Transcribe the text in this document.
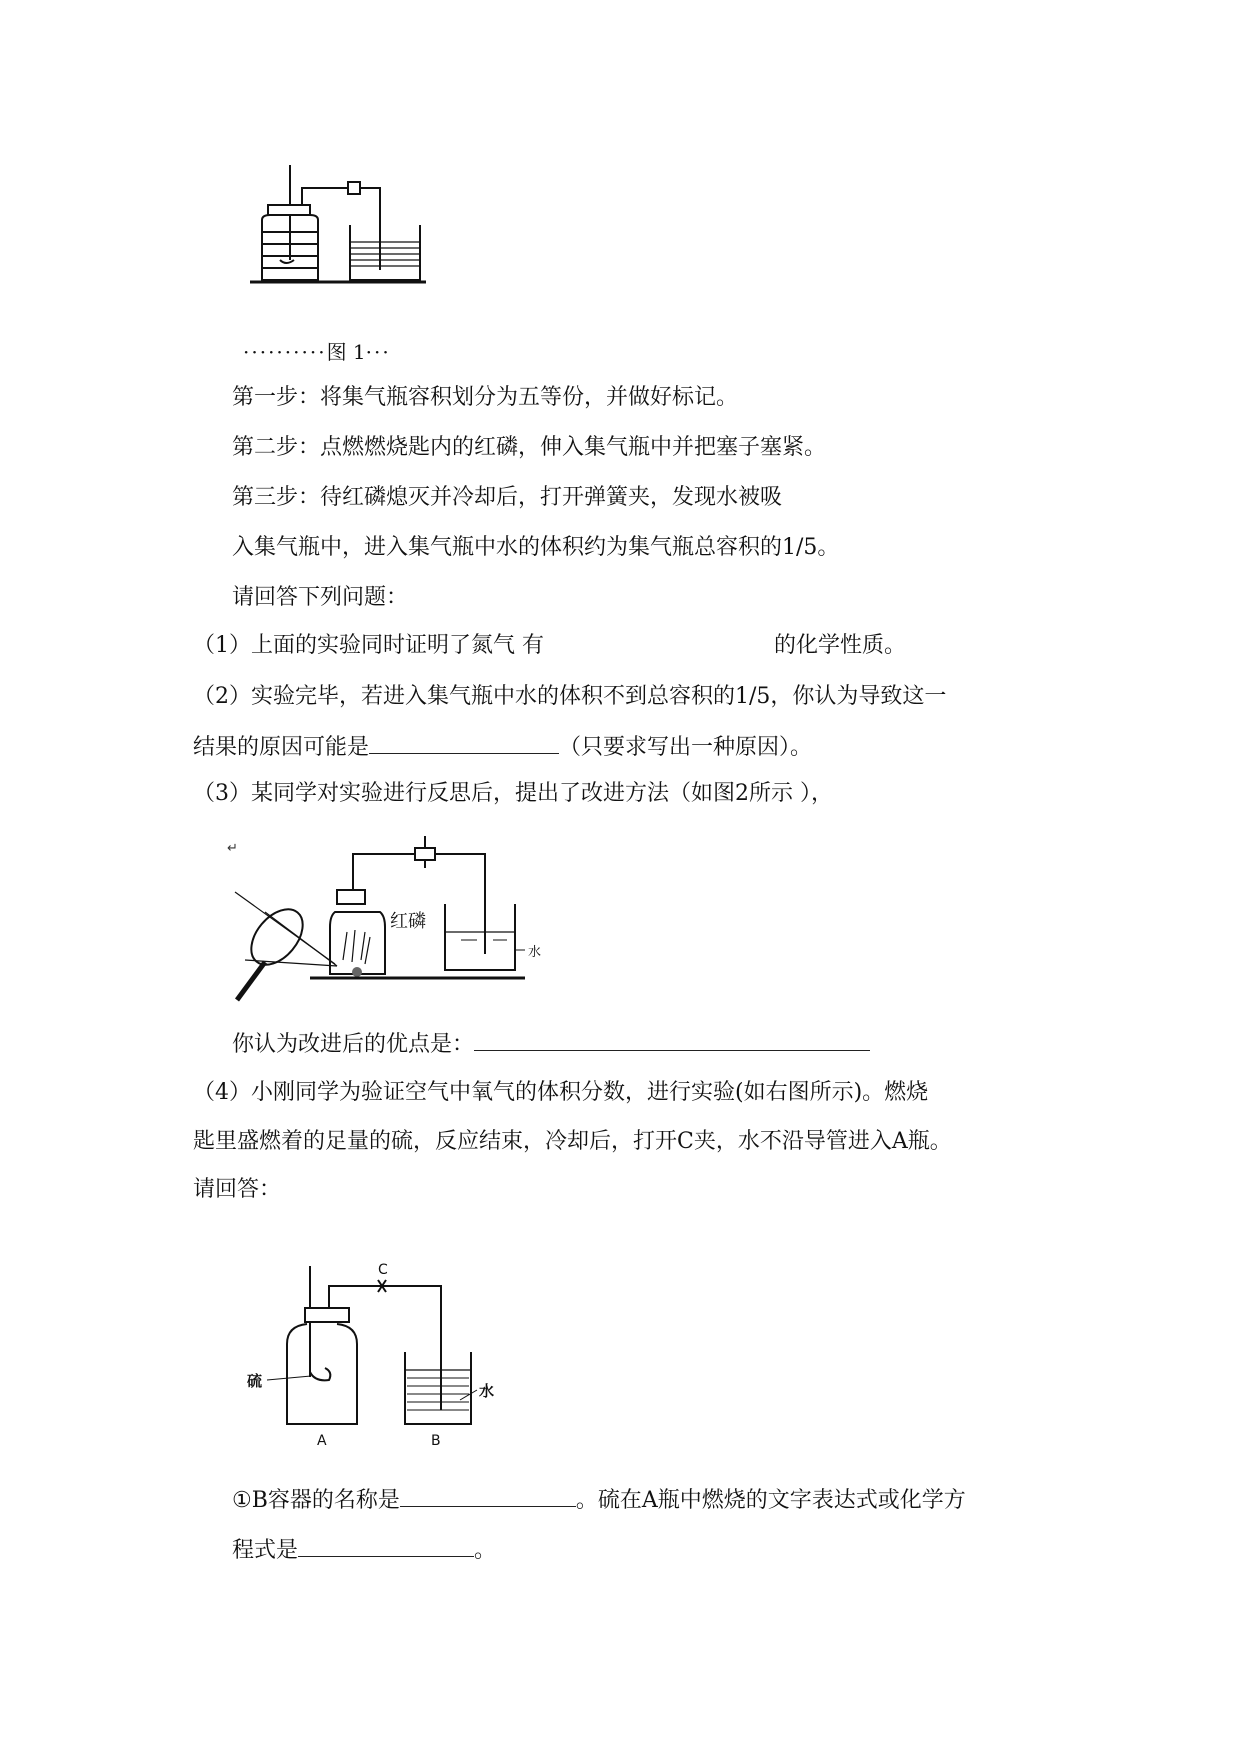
··········图 1···
第一步：将集气瓶容积划分为五等份，并做好标记。
第二步：点燃燃烧匙内的红磷，伸入集气瓶中并把塞子塞紧。
第三步：待红磷熄灭并冷却后，打开弹簧夹，发现水被吸
入集气瓶中，进入集气瓶中水的体积约为集气瓶总容积的1/5。
请回答下列问题：
（1）上面的实验同时证明了氮气 有	的化学性质。
（2）实验完毕，若进入集气瓶中水的体积不到总容积的1/5，你认为导致这一
结果的原因可能是	（只要求写出一种原因）。
（3）某同学对实验进行反思后，提出了改进方法（如图2所示 ），
↵
红磷
水
你认为改进后的优点是：
（4）小刚同学为验证空气中氧气的体积分数，进行实验(如右图所示)。燃烧
匙里盛燃着的足量的硫，反应结束，冷却后，打开C夹，水不沿导管进入A瓶。
请回答：
C
硫
水
A	B
①B容器的名称是	。硫在A瓶中燃烧的文字表达式或化学方
程式是	。
